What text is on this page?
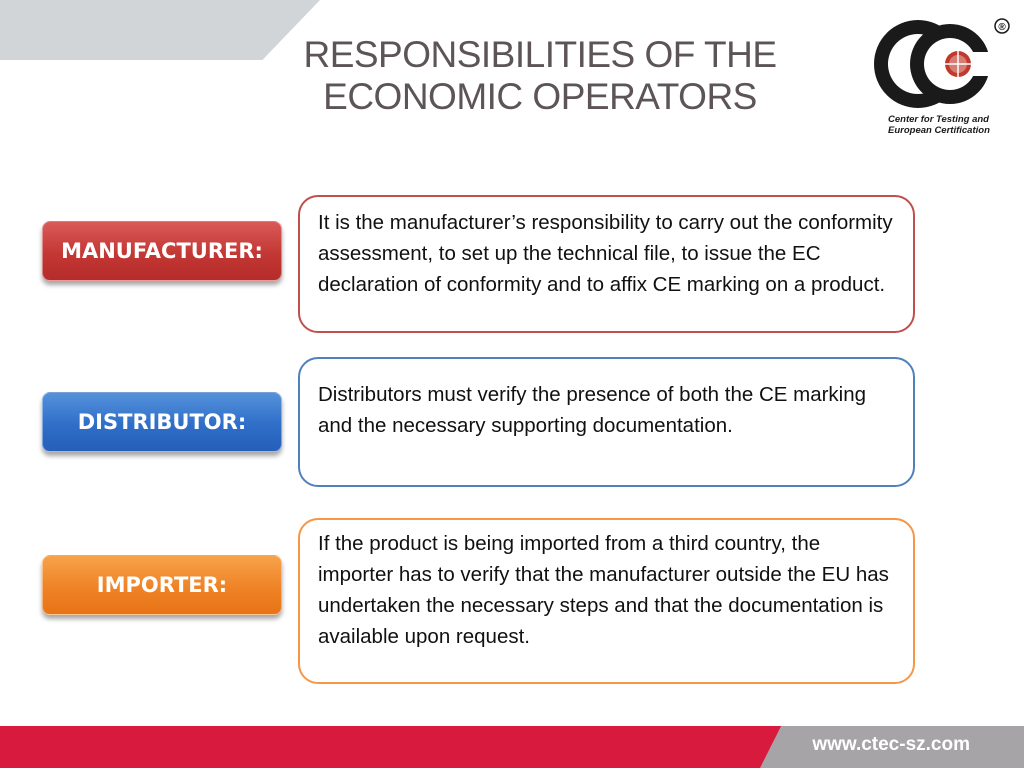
RESPONSIBILITIES OF THE
ECONOMIC OPERATORS
®
Center for Testing and
European Certification
MANUFACTURER:
It is the manufacturer’s responsibility to carry out the conformity assessment, to set up the technical file, to issue the EC declaration of conformity and to affix CE marking on a product.
DISTRIBUTOR:
Distributors must verify the presence of both the CE marking and the necessary supporting documentation.
IMPORTER:
If the product is being imported from a third country, the importer has to verify that the manufacturer outside the EU has undertaken the necessary steps and that the documentation is available upon request.
www.ctec-sz.com
